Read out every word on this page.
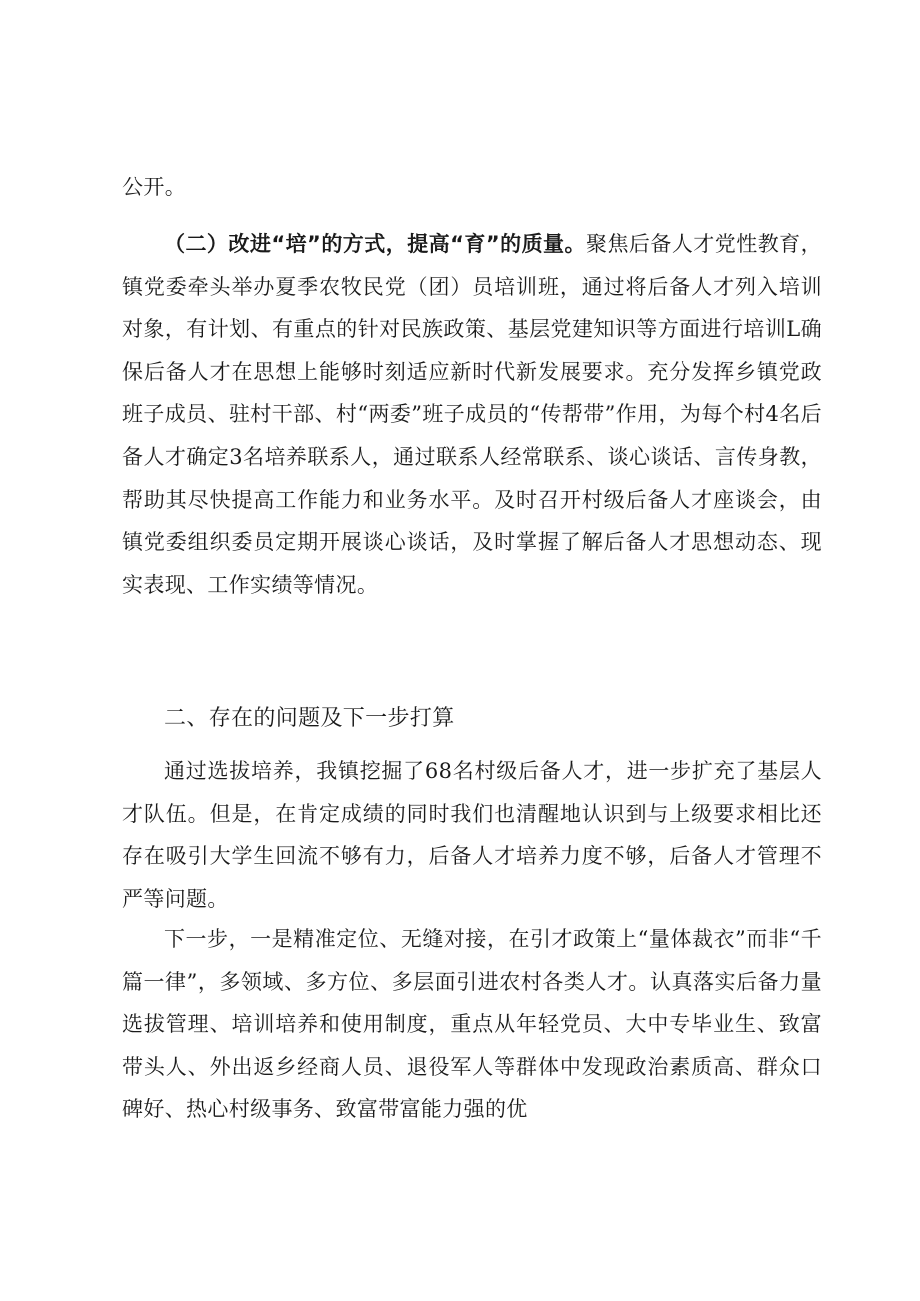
公开。

（二）改进“培”的方式，提高“育”的质量。聚焦后备人才党性教育，镇党委牵头举办夏季农牧民党（团）员培训班，通过将后备人才列入培训对象，有计划、有重点的针对民族政策、基层党建知识等方面进行培训L确保后备人才在思想上能够时刻适应新时代新发展要求。充分发挥乡镇党政班子成员、驻村干部、村“两委”班子成员的“传帮带”作用，为每个村4名后备人才确定3名培养联系人，通过联系人经常联系、谈心谈话、言传身教，帮助其尽快提高工作能力和业务水平。及时召开村级后备人才座谈会，由镇党委组织委员定期开展谈心谈话，及时掌握了解后备人才思想动态、现实表现、工作实绩等情况。

二、存在的问题及下一步打算

通过选拔培养，我镇挖掘了68名村级后备人才，进一步扩充了基层人才队伍。但是，在肯定成绩的同时我们也清醒地认识到与上级要求相比还存在吸引大学生回流不够有力，后备人才培养力度不够，后备人才管理不严等问题。

下一步，一是精准定位、无缝对接，在引才政策上“量体裁衣”而非“千篇一律”，多领域、多方位、多层面引进农村各类人才。认真落实后备力量选拔管理、培训培养和使用制度，重点从年轻党员、大中专毕业生、致富带头人、外出返乡经商人员、退役军人等群体中发现政治素质高、群众口碑好、热心村级事务、致富带富能力强的优
